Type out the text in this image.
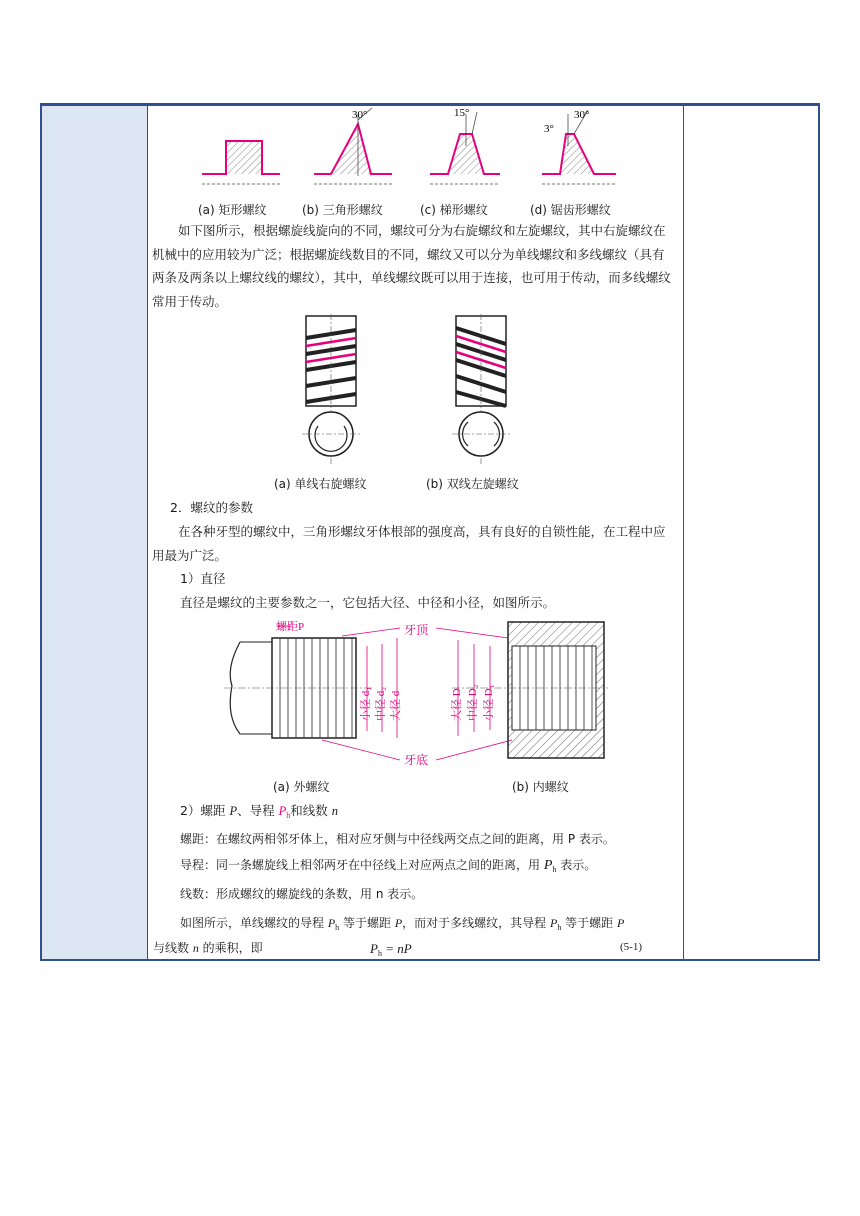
30°	15°
3°
30°
(a) 矩形螺纹	(b) 三角形螺纹	(c) 梯形螺纹	(d) 锯齿形螺纹
如下图所示，根据螺旋线旋向的不同，螺纹可分为右旋螺纹和左旋螺纹，其中右旋螺纹在机械中的应用较为广泛；根据螺旋线数目的不同，螺纹又可以分为单线螺纹和多线螺纹（具有两条及两条以上螺纹线的螺纹），其中，单线螺纹既可以用于连接，也可用于传动，而多线螺纹常用于传动。
(a) 单线右旋螺纹	(b) 双线左旋螺纹
2．螺纹的参数
在各种牙型的螺纹中，三角形螺纹牙体根部的强度高，具有良好的自锁性能，在工程中应用最为广泛。
1）直径
直径是螺纹的主要参数之一，它包括大径、中径和小径，如图所示。
螺距P
小径 d₁ 中径 d₂ 大径 d
牙顶
牙底
大径 D 中径 D₂ 小径 D₁
(a) 外螺纹	(b) 内螺纹
2）螺距 P、导程 $P_h$和线数 n
螺距：在螺纹两相邻牙体上，相对应牙侧与中径线两交点之间的距离，用 P 表示。
导程：同一条螺旋线上相邻两牙在中径线上对应两点之间的距离，用 $P_h$ 表示。
线数：形成螺纹的螺旋线的条数，用 n 表示。
如图所示，单线螺纹的导程 $P_h$ 等于螺距 P，而对于多线螺纹，其导程 $P_h$ 等于螺距 P
与线数 n 的乘积，即	$P_h$ = nP	(5-1)
